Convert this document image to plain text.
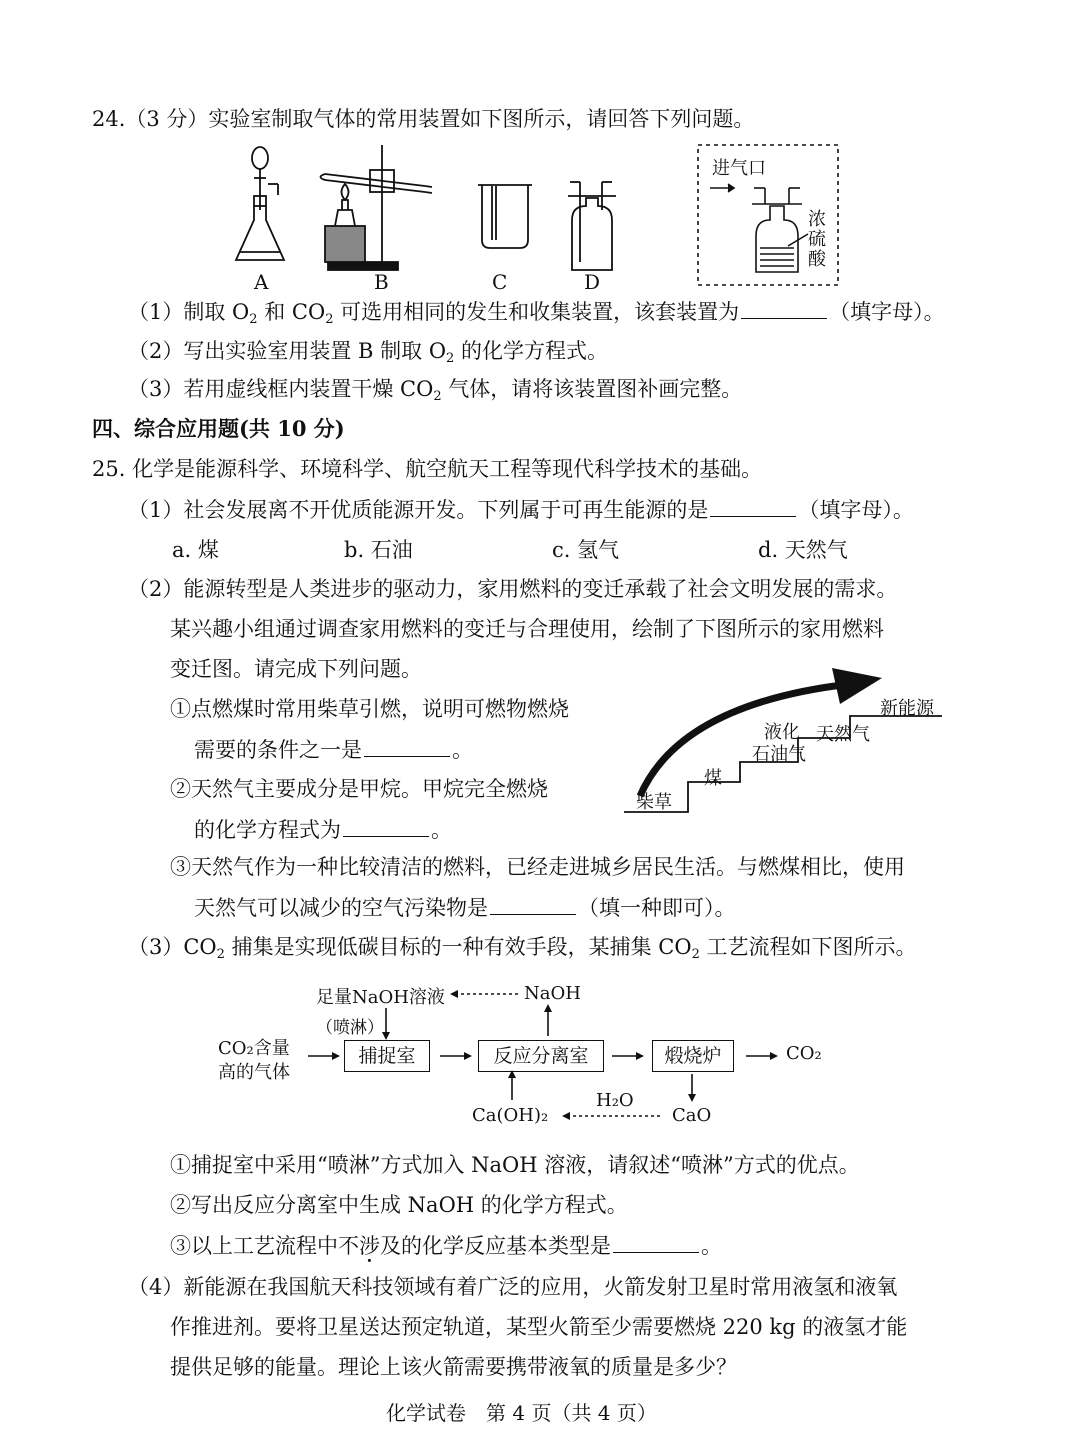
24.（3 分）实验室制取气体的常用装置如下图所示，请回答下列问题。
A	B	C	D
进气口
浓
硫
酸
（1）制取 $O_2$ 和 $CO_2$ 可选用相同的发生和收集装置，该套装置为	（填字母）。
（2）写出实验室用装置 B 制取 $O_2$ 的化学方程式。
（3）若用虚线框内装置干燥 $CO_2$ 气体，请将该装置图补画完整。
四、综合应用题(共 10 分)
25. 化学是能源科学、环境科学、航空航天工程等现代科学技术的基础。
（1）社会发展离不开优质能源开发。下列属于可再生能源的是	（填字母）。
a. 煤	b. 石油	c. 氢气	d. 天然气
（2）能源转型是人类进步的驱动力，家用燃料的变迁承载了社会文明发展的需求。
某兴趣小组通过调查家用燃料的变迁与合理使用，绘制了下图所示的家用燃料
变迁图。请完成下列问题。
①点燃煤时常用柴草引燃，说明可燃物燃烧
需要的条件之一是	。
②天然气主要成分是甲烷。甲烷完全燃烧
的化学方程式为	。
柴草
煤
液化
石油气
天然气
新能源
③天然气作为一种比较清洁的燃料，已经走进城乡居民生活。与燃煤相比，使用
天然气可以减少的空气污染物是	（填一种即可）。
$(3)CO_2$ 捕集是实现低碳目标的一种有效手段，某捕集 $CO_2$ 工艺流程如下图所示。
足量NaOH溶液
（喷淋）
NaOH
CO₂含量
高的气体
捕捉室	反应分离室	煅烧炉	CO₂
H₂O
Ca(OH)₂	CaO
①捕捉室中采用“喷淋”方式加入 NaOH 溶液，请叙述“喷淋”方式的优点。
②写出反应分离室中生成 NaOH 的化学方程式。
③以上工艺流程中不涉及的化学反应基本类型是	。
（4）新能源在我国航天科技领域有着广泛的应用，火箭发射卫星时常用液氢和液氧
作推进剂。要将卫星送达预定轨道，某型火箭至少需要燃烧 220 kg 的液氢才能
提供足够的能量。理论上该火箭需要携带液氧的质量是多少？
化学试卷　第 4 页（共 4 页）
